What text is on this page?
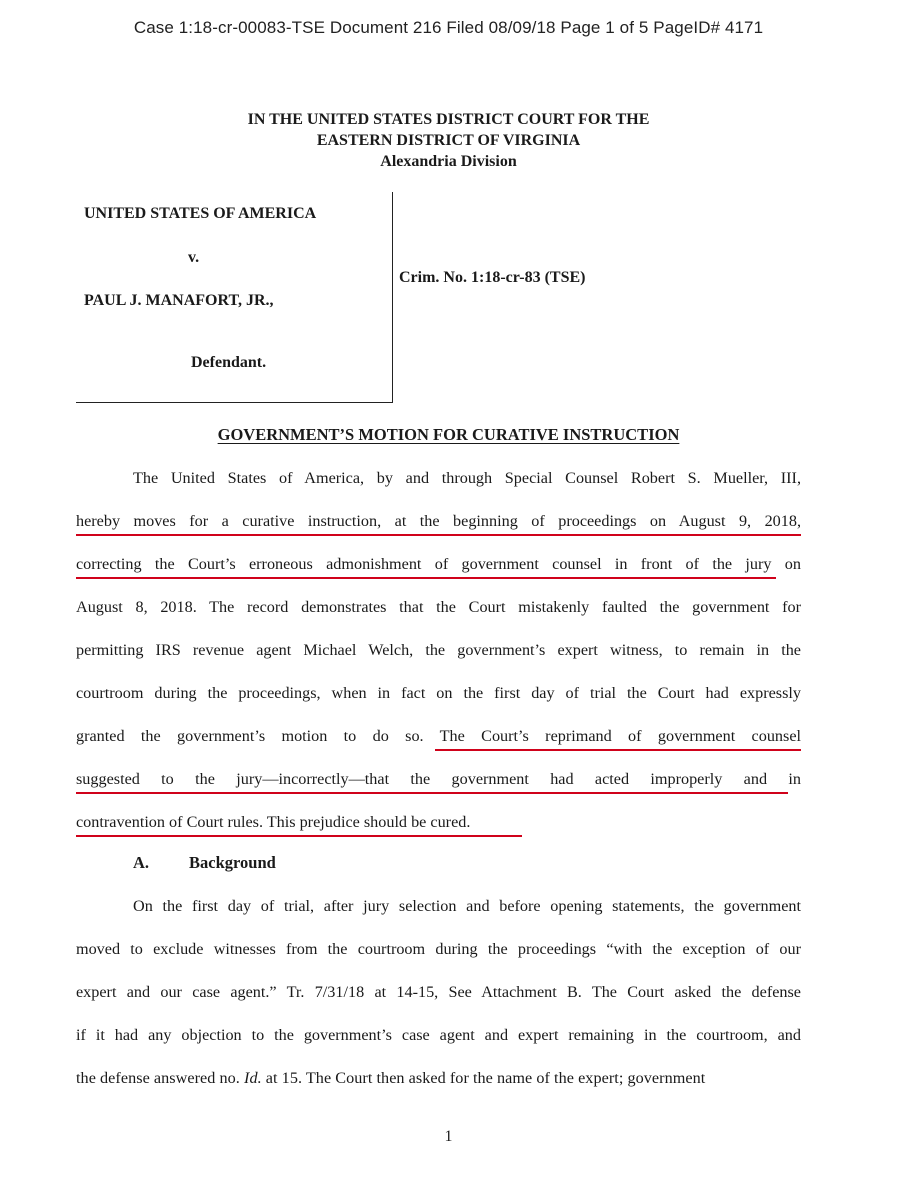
Case 1:18-cr-00083-TSE Document 216 Filed 08/09/18 Page 1 of 5 PageID# 4171
IN THE UNITED STATES DISTRICT COURT FOR THE
EASTERN DISTRICT OF VIRGINIA
Alexandria Division
UNITED STATES OF AMERICA
v.
PAUL J. MANAFORT, JR.,
Defendant.
Crim. No. 1:18-cr-83 (TSE)
GOVERNMENT’S MOTION FOR CURATIVE INSTRUCTION
The United States of America, by and through Special Counsel Robert S. Mueller, III,
hereby moves for a curative instruction, at the beginning of proceedings on August 9, 2018,
correcting the Court’s erroneous admonishment of government counsel in front of the jury on
August 8, 2018. The record demonstrates that the Court mistakenly faulted the government for
permitting IRS revenue agent Michael Welch, the government’s expert witness, to remain in the
courtroom during the proceedings, when in fact on the first day of trial the Court had expressly
granted the government’s motion to do so. The Court’s reprimand of government counsel
suggested to the jury—incorrectly—that the government had acted improperly and in
contravention of Court rules. This prejudice should be cured.
A. Background
On the first day of trial, after jury selection and before opening statements, the government
moved to exclude witnesses from the courtroom during the proceedings “with the exception of our
expert and our case agent.” Tr. 7/31/18 at 14-15, See Attachment B. The Court asked the defense
if it had any objection to the government’s case agent and expert remaining in the courtroom, and
the defense answered no. Id. at 15. The Court then asked for the name of the expert; government
1
